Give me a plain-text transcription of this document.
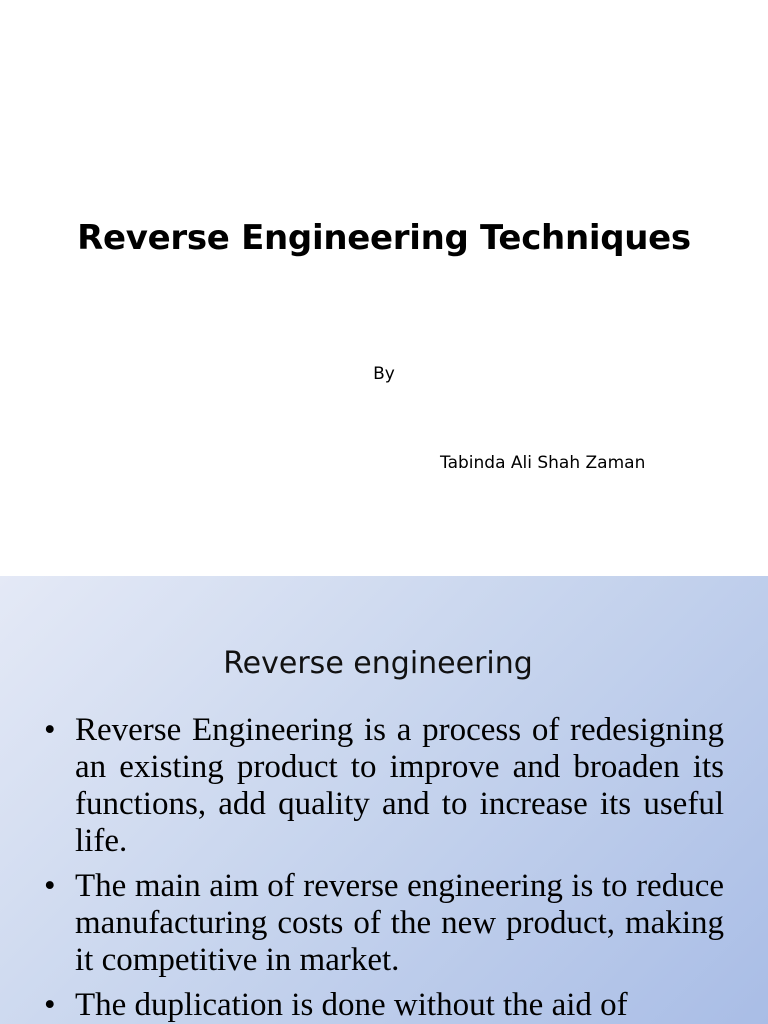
Reverse Engineering Techniques
By
Tabinda Ali Shah Zaman
Reverse engineering
• Reverse Engineering is a process of redesigning an existing product to improve and broaden its functions, add quality and to increase its useful life.
• The main aim of reverse engineering is to reduce manufacturing costs of the new product, making it competitive in market.
• The duplication is done without the aid of
